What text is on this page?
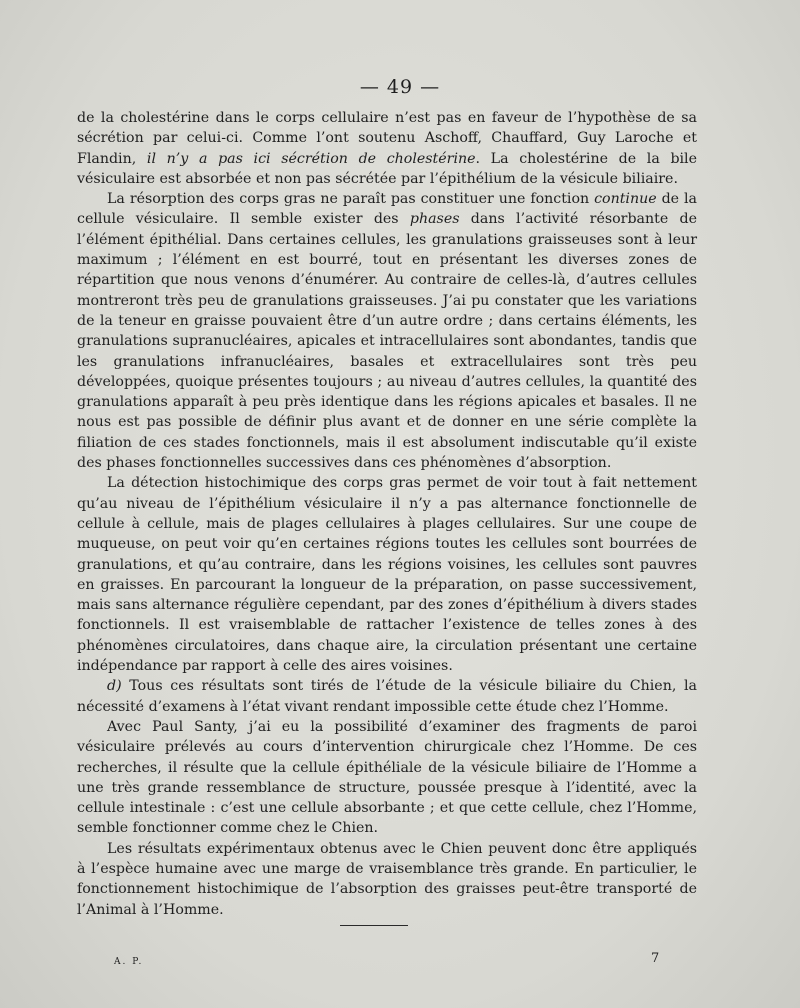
— 49 —

de la cholestérine dans le corps cellulaire n’est pas en faveur de l’hypothèse de sa sécrétion par celui-ci. Comme l’ont soutenu Aschoff, Chauffard, Guy Laroche et Flandin, il n’y a pas ici sécrétion de cholestérine. La cholestérine de la bile vésiculaire est absorbée et non pas sécrétée par l’épithélium de la vésicule biliaire.

La résorption des corps gras ne paraît pas constituer une fonction continue de la cellule vésiculaire. Il semble exister des phases dans l’activité résorbante de l’élément épithélial. Dans certaines cellules, les granulations graisseuses sont à leur maximum ; l’élément en est bourré, tout en présentant les diverses zones de répartition que nous venons d’énumérer. Au contraire de celles-là, d’autres cellules montreront très peu de granulations graisseuses. J’ai pu constater que les variations de la teneur en graisse pouvaient être d’un autre ordre ; dans certains éléments, les granulations supranucléaires, apicales et intracellulaires sont abondantes, tandis que les granulations infranucléaires, basales et extracellulaires sont très peu développées, quoique présentes toujours ; au niveau d’autres cellules, la quantité des granulations apparaît à peu près identique dans les régions apicales et basales. Il ne nous est pas possible de définir plus avant et de donner en une série complète la filiation de ces stades fonctionnels, mais il est absolument indiscutable qu’il existe des phases fonctionnelles successives dans ces phénomènes d’absorption.

La détection histochimique des corps gras permet de voir tout à fait nettement qu’au niveau de l’épithélium vésiculaire il n’y a pas alternance fonctionnelle de cellule à cellule, mais de plages cellulaires à plages cellulaires. Sur une coupe de muqueuse, on peut voir qu’en certaines régions toutes les cellules sont bourrées de granulations, et qu’au contraire, dans les régions voisines, les cellules sont pauvres en graisses. En parcourant la longueur de la préparation, on passe successivement, mais sans alternance régulière cependant, par des zones d’épithélium à divers stades fonctionnels. Il est vraisemblable de rattacher l’existence de telles zones à des phénomènes circulatoires, dans chaque aire, la circulation présentant une certaine indépendance par rapport à celle des aires voisines.

d) Tous ces résultats sont tirés de l’étude de la vésicule biliaire du Chien, la nécessité d’examens à l’état vivant rendant impossible cette étude chez l’Homme.

Avec Paul Santy, j’ai eu la possibilité d’examiner des fragments de paroi vésiculaire prélevés au cours d’intervention chirurgicale chez l’Homme. De ces recherches, il résulte que la cellule épithéliale de la vésicule biliaire de l’Homme a une très grande ressemblance de structure, poussée presque à l’identité, avec la cellule intestinale : c’est une cellule absorbante ; et que cette cellule, chez l’Homme, semble fonctionner comme chez le Chien.

Les résultats expérimentaux obtenus avec le Chien peuvent donc être appliqués à l’espèce humaine avec une marge de vraisemblance très grande. En particulier, le fonctionnement histochimique de l’absorption des graisses peut-être transporté de l’Animal à l’Homme.

A. P.	7
